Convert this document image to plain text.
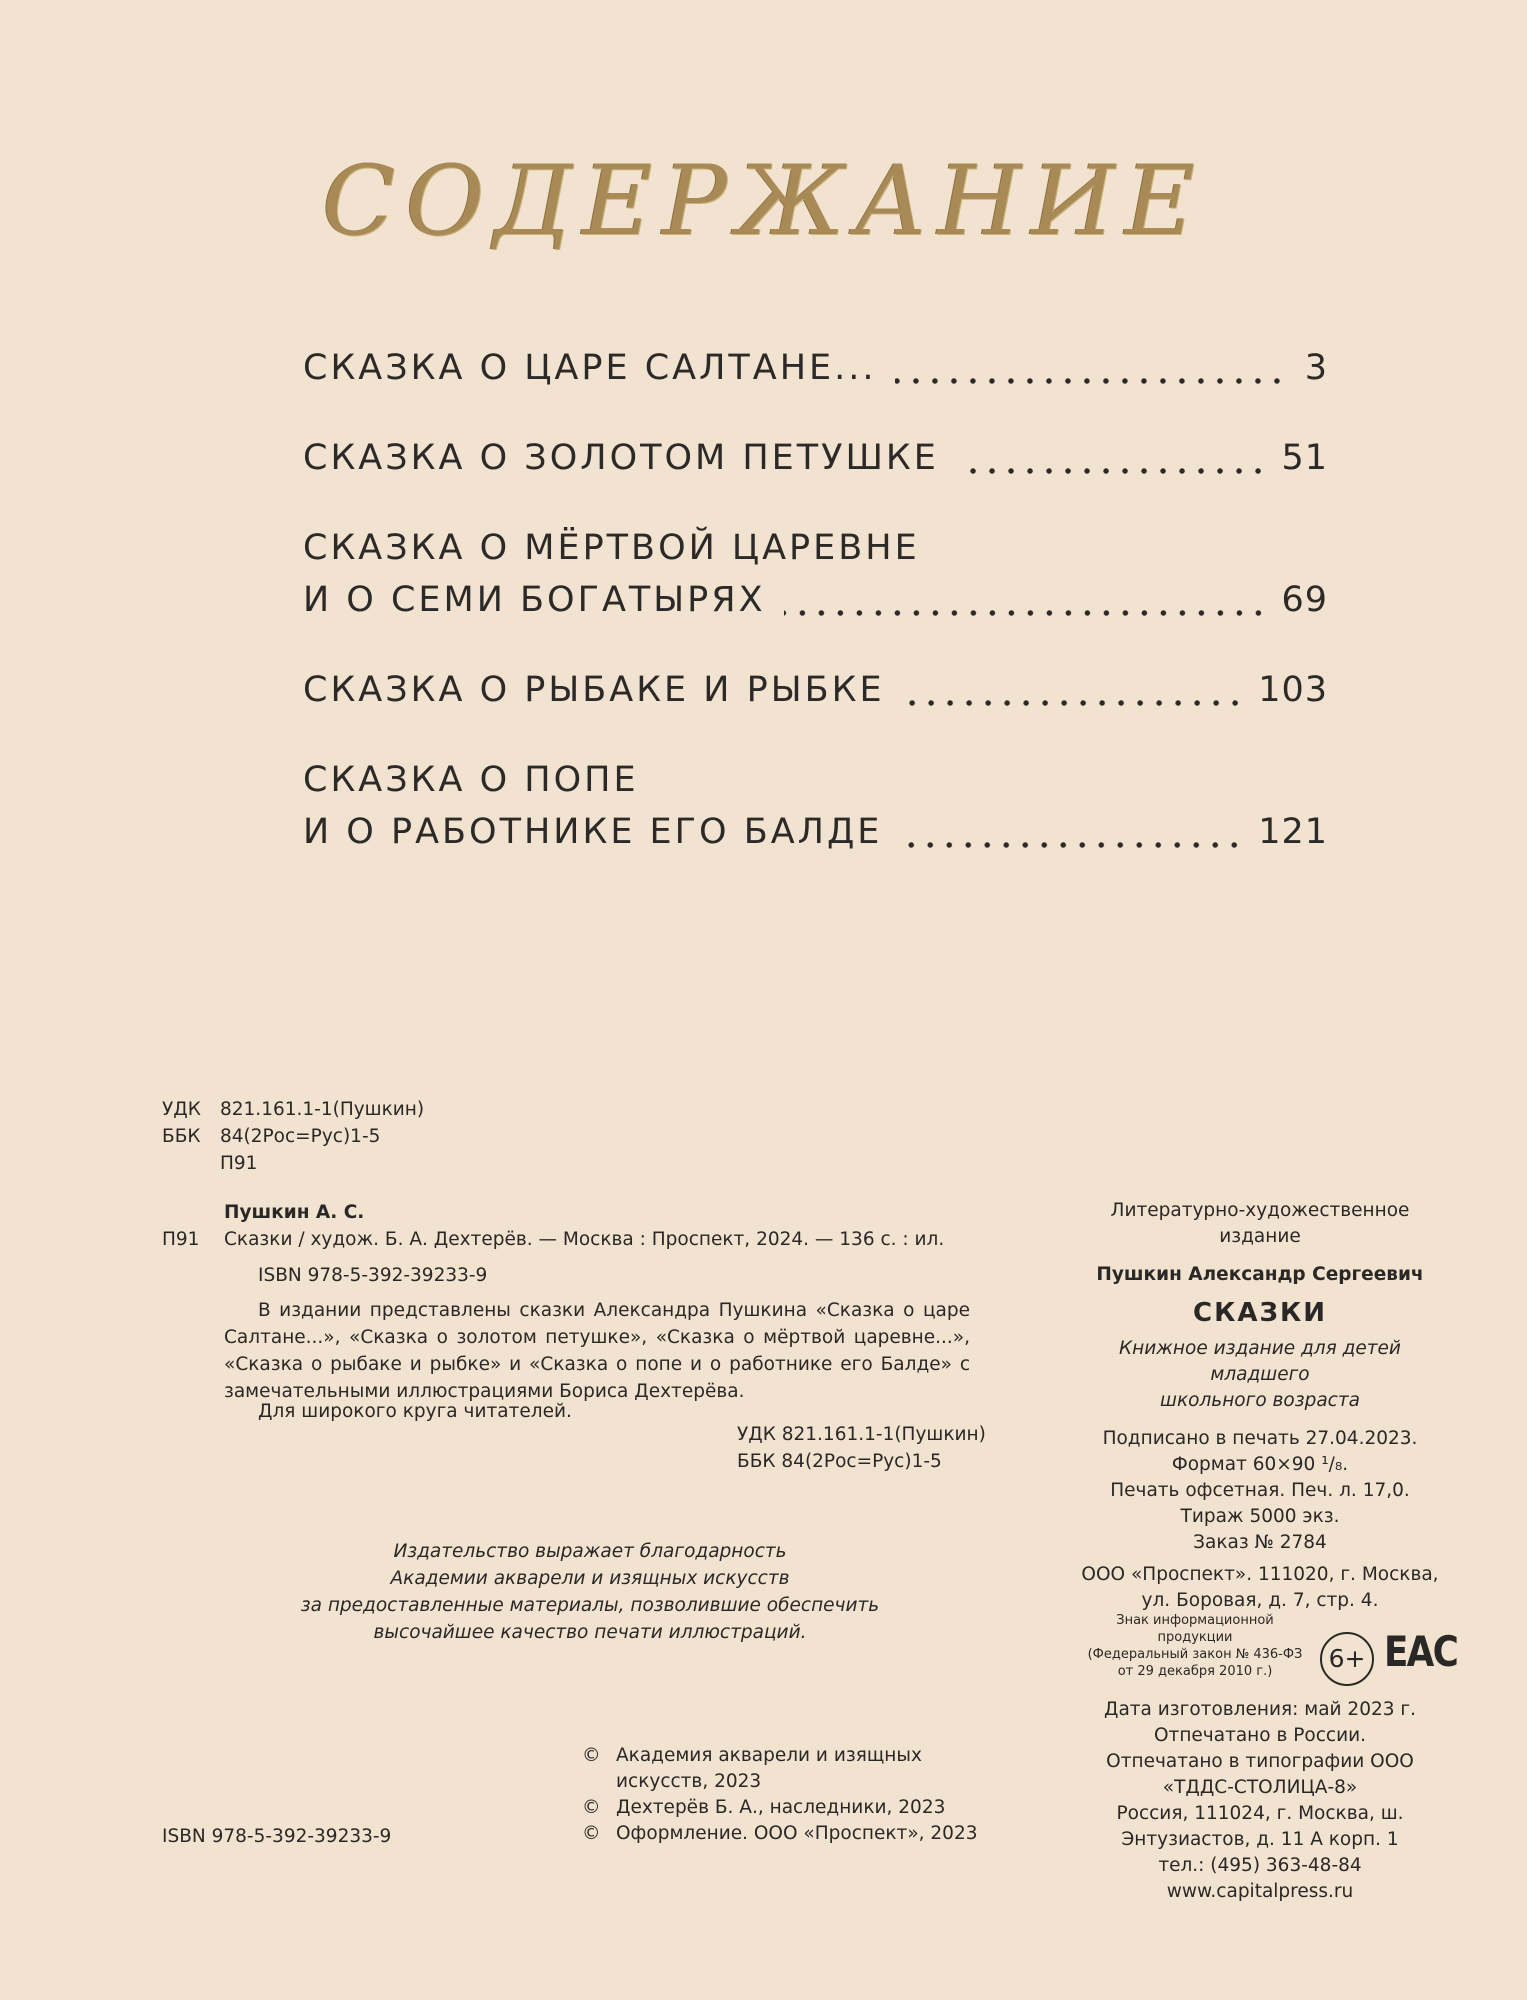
СОДЕРЖАНИЕ
СКАЗКА О ЦАРЕ САЛТАНЕ...	3
СКАЗКА О ЗОЛОТОМ ПЕТУШКЕ	51
СКАЗКА О МЁРТВОЙ ЦАРЕВНЕ
И О СЕМИ БОГАТЫРЯХ	69
СКАЗКА О РЫБАКЕ И РЫБКЕ	103
СКАЗКА О ПОПЕ
И О РАБОТНИКЕ ЕГО БАЛДЕ	121
УДК 821.161.1-1(Пушкин)
ББК 84(2Рос=Рус)1-5
П91
Пушкин А. С.
П91 Сказки / худож. Б. А. Дехтерёв. — Москва : Проспект, 2024. — 136 с. : ил.
ISBN 978-5-392-39233-9
В издании представлены сказки Александра Пушкина «Сказка о царе Салтане...», «Сказка о золотом петушке», «Сказка о мёртвой царевне...», «Сказка о рыбаке и рыбке» и «Сказка о попе и о работнике его Балде» с замечательными иллюстрациями Бориса Дехтерёва.
Для широкого круга читателей.
УДК 821.161.1-1(Пушкин)
ББК 84(2Рос=Рус)1-5
Издательство выражает благодарность
Академии акварели и изящных искусств
за предоставленные материалы, позволившие обеспечить
высочайшее качество печати иллюстраций.
© Академия акварели и изящных
искусств, 2023
© Дехтерёв Б. А., наследники, 2023
© Оформление. ООО «Проспект», 2023
ISBN 978-5-392-39233-9
Литературно-художественное
издание
Пушкин Александр Сергеевич
СКАЗКИ
Книжное издание для детей младшего
школьного возраста
Подписано в печать 27.04.2023.
Формат 60×90 ¹/₈.
Печать офсетная. Печ. л. 17,0.
Тираж 5000 экз.
Заказ № 2784
ООО «Проспект». 111020, г. Москва,
ул. Боровая, д. 7, стр. 4.
Знак информационной
продукции
(Федеральный закон № 436-ФЗ
от 29 декабря 2010 г.)	6+ ЕАС
Дата изготовления: май 2023 г.
Отпечатано в России.
Отпечатано в типографии ООО
«ТДДС-СТОЛИЦА-8»
Россия, 111024, г. Москва, ш.
Энтузиастов, д. 11 А корп. 1
тел.: (495) 363-48-84
www.capitalpress.ru
